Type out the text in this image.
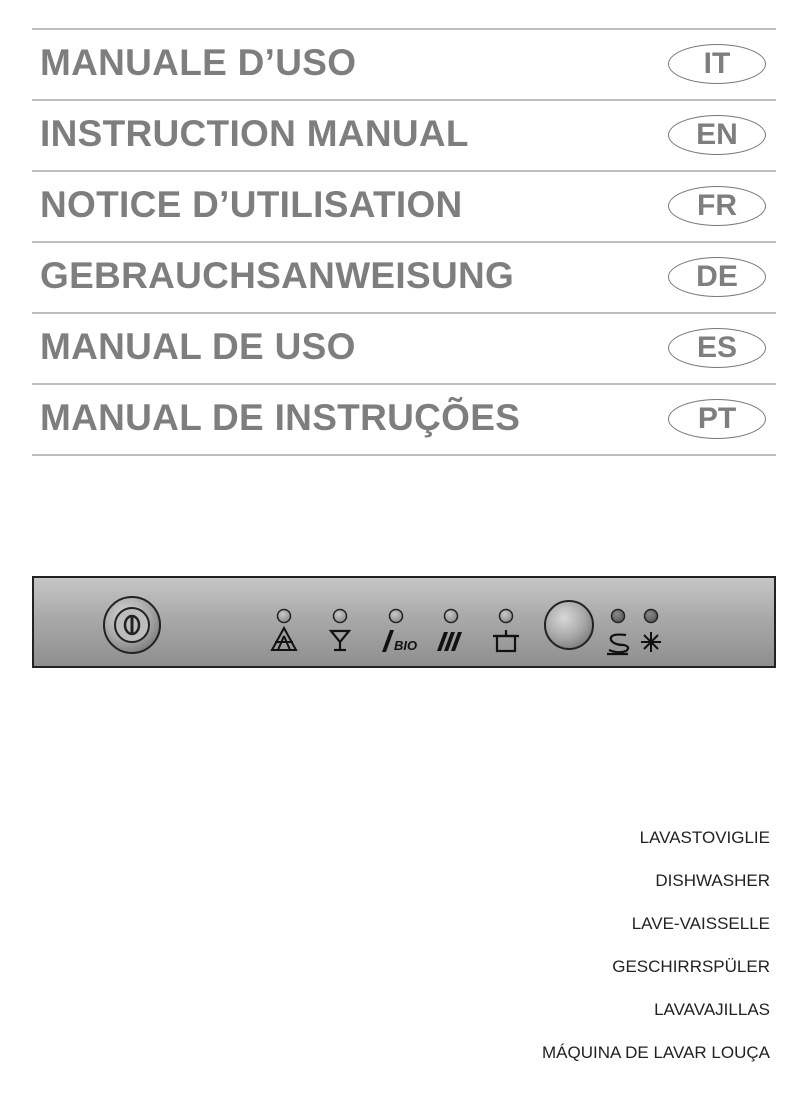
MANUALE D’USO	IT
INSTRUCTION MANUAL	EN
NOTICE D’UTILISATION	FR
GEBRAUCHSANWEISUNG	DE
MANUAL DE USO	ES
MANUAL DE INSTRUÇÕES	PT
BIO
LAVASTOVIGLIE
DISHWASHER
LAVE-VAISSELLE
GESCHIRRSPÜLER
LAVAVAJILLAS
MÁQUINA DE LAVAR LOUÇA
